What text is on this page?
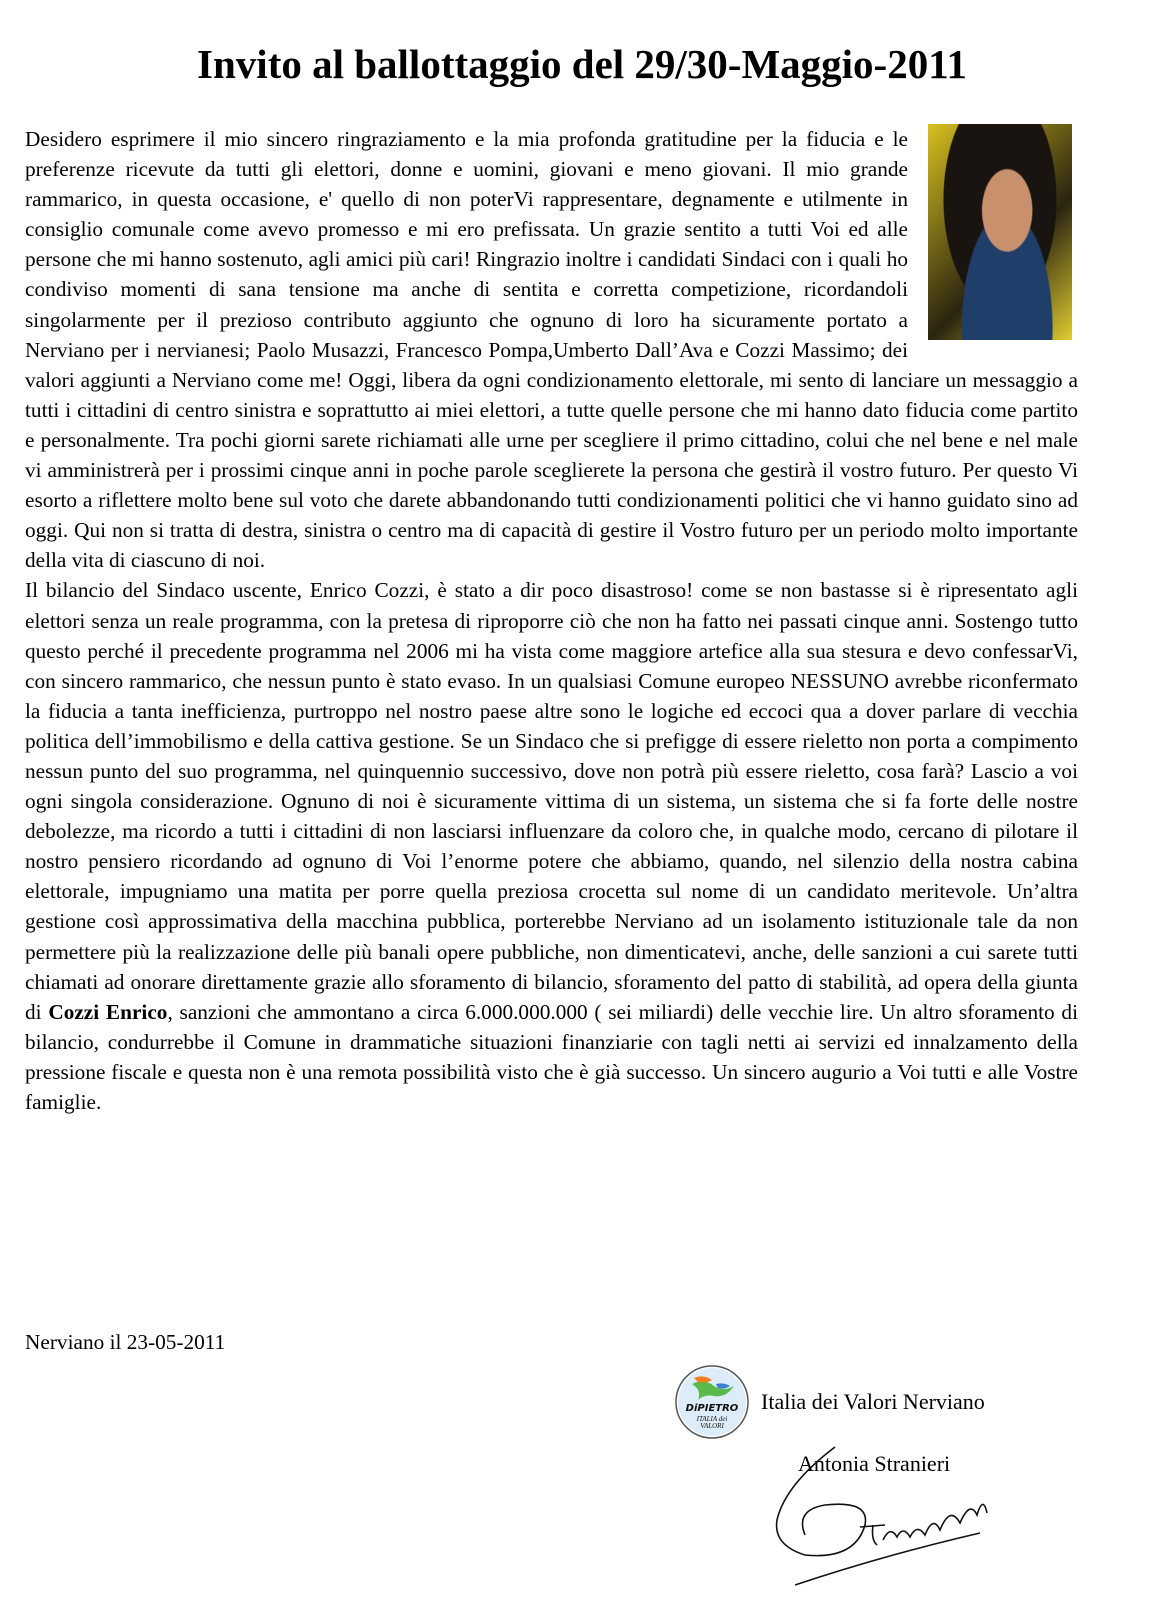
Invito al ballottaggio del 29/30-Maggio-2011

Desidero esprimere il mio sincero ringraziamento e la mia profonda gratitudine per la fiducia e le preferenze ricevute da tutti gli elettori, donne e uomini, giovani e meno giovani. Il mio grande rammarico, in questa occasione, e' quello di non poterVi rappresentare, degnamente e utilmente in consiglio comunale come avevo promesso e mi ero prefissata. Un grazie sentito a tutti Voi ed alle persone che mi hanno sostenuto, agli amici più cari! Ringrazio inoltre i candidati Sindaci con i quali ho condiviso momenti di sana tensione ma anche di sentita e corretta competizione, ricordandoli singolarmente per il prezioso contributo aggiunto che ognuno di loro ha sicuramente portato a Nerviano per i nervianesi; Paolo Musazzi, Francesco Pompa,Umberto Dall’Ava e Cozzi Massimo; dei valori aggiunti a Nerviano come me! Oggi, libera da ogni condizionamento elettorale, mi sento di lanciare un messaggio a tutti i cittadini di centro sinistra e soprattutto ai miei elettori, a tutte quelle persone che mi hanno dato fiducia come partito e personalmente. Tra pochi giorni sarete richiamati alle urne per scegliere il primo cittadino, colui che nel bene e nel male vi amministrerà per i prossimi cinque anni in poche parole sceglierete la persona che gestirà il vostro futuro. Per questo Vi esorto a riflettere molto bene sul voto che darete abbandonando tutti condizionamenti politici che vi hanno guidato sino ad oggi. Qui non si tratta di destra, sinistra o centro ma di capacità di gestire il Vostro futuro per un periodo molto importante della vita di ciascuno di noi.

Il bilancio del Sindaco uscente, Enrico Cozzi, è stato a dir poco disastroso! come se non bastasse si è ripresentato agli elettori senza un reale programma, con la pretesa di riproporre ciò che non ha fatto nei passati cinque anni. Sostengo tutto questo perché il precedente programma nel 2006 mi ha vista come maggiore artefice alla sua stesura e devo confessarVi, con sincero rammarico, che nessun punto è stato evaso. In un qualsiasi Comune europeo NESSUNO avrebbe riconfermato la fiducia a tanta inefficienza, purtroppo nel nostro paese altre sono le logiche ed eccoci qua a dover parlare di vecchia politica dell’immobilismo e della cattiva gestione. Se un Sindaco che si prefigge di essere rieletto non porta a compimento nessun punto del suo programma, nel quinquennio successivo, dove non potrà più essere rieletto, cosa farà? Lascio a voi ogni singola considerazione. Ognuno di noi è sicuramente vittima di un sistema, un sistema che si fa forte delle nostre debolezze, ma ricordo a tutti i cittadini di non lasciarsi influenzare da coloro che, in qualche modo, cercano di pilotare il nostro pensiero ricordando ad ognuno di Voi l’enorme potere che abbiamo, quando, nel silenzio della nostra cabina elettorale, impugniamo una matita per porre quella preziosa crocetta sul nome di un candidato meritevole. Un’altra gestione così approssimativa della macchina pubblica, porterebbe Nerviano ad un isolamento istituzionale tale da non permettere più la realizzazione delle più banali opere pubbliche, non dimenticatevi, anche, delle sanzioni a cui sarete tutti chiamati ad onorare direttamente grazie allo sforamento di bilancio, sforamento del patto di stabilità, ad opera della giunta di Cozzi Enrico, sanzioni che ammontano a circa 6.000.000.000 ( sei miliardi) delle vecchie lire. Un altro sforamento di bilancio, condurrebbe il Comune in drammatiche situazioni finanziarie con tagli netti ai servizi ed innalzamento della pressione fiscale e questa non è una remota possibilità visto che è già successo. Un sincero augurio a Voi tutti e alle Vostre famiglie.

Nerviano il 23-05-2011
DiPIETRO
ITALIA dei
VALORI
Italia dei Valori Nerviano
Antonia Stranieri
